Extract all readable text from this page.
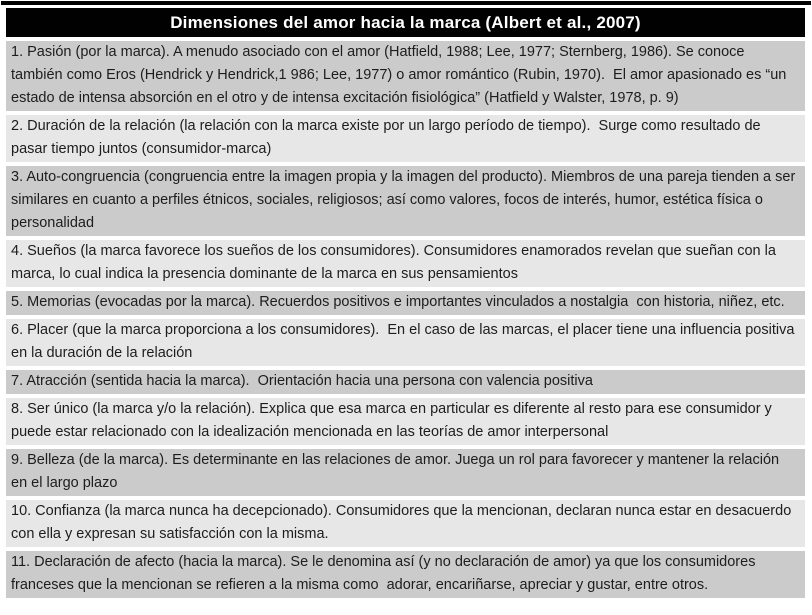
Dimensiones del amor hacia la marca (Albert et al., 2007)
1. Pasión (por la marca). A menudo asociado con el amor (Hatfield, 1988; Lee, 1977; Sternberg, 1986). Se conoce también como Eros (Hendrick y Hendrick,1 986; Lee, 1977) o amor romántico (Rubin, 1970).  El amor apasionado es “un estado de intensa absorción en el otro y de intensa excitación fisiológica” (Hatfield y Walster, 1978, p. 9)
2. Duración de la relación (la relación con la marca existe por un largo período de tiempo).  Surge como resultado de pasar tiempo juntos (consumidor-marca)
3. Auto-congruencia (congruencia entre la imagen propia y la imagen del producto). Miembros de una pareja tienden a ser similares en cuanto a perfiles étnicos, sociales, religiosos; así como valores, focos de interés, humor, estética física o personalidad
4. Sueños (la marca favorece los sueños de los consumidores). Consumidores enamorados revelan que sueñan con la marca, lo cual indica la presencia dominante de la marca en sus pensamientos
5. Memorias (evocadas por la marca). Recuerdos positivos e importantes vinculados a nostalgia  con historia, niñez, etc.
6. Placer (que la marca proporciona a los consumidores).  En el caso de las marcas, el placer tiene una influencia positiva en la duración de la relación
7. Atracción (sentida hacia la marca).  Orientación hacia una persona con valencia positiva
8. Ser único (la marca y/o la relación). Explica que esa marca en particular es diferente al resto para ese consumidor y puede estar relacionado con la idealización mencionada en las teorías de amor interpersonal
9. Belleza (de la marca). Es determinante en las relaciones de amor. Juega un rol para favorecer y mantener la relación en el largo plazo
10. Confianza (la marca nunca ha decepcionado). Consumidores que la mencionan, declaran nunca estar en desacuerdo con ella y expresan su satisfacción con la misma.
11. Declaración de afecto (hacia la marca). Se le denomina así (y no declaración de amor) ya que los consumidores franceses que la mencionan se refieren a la misma como  adorar, encariñarse, apreciar y gustar, entre otros.
